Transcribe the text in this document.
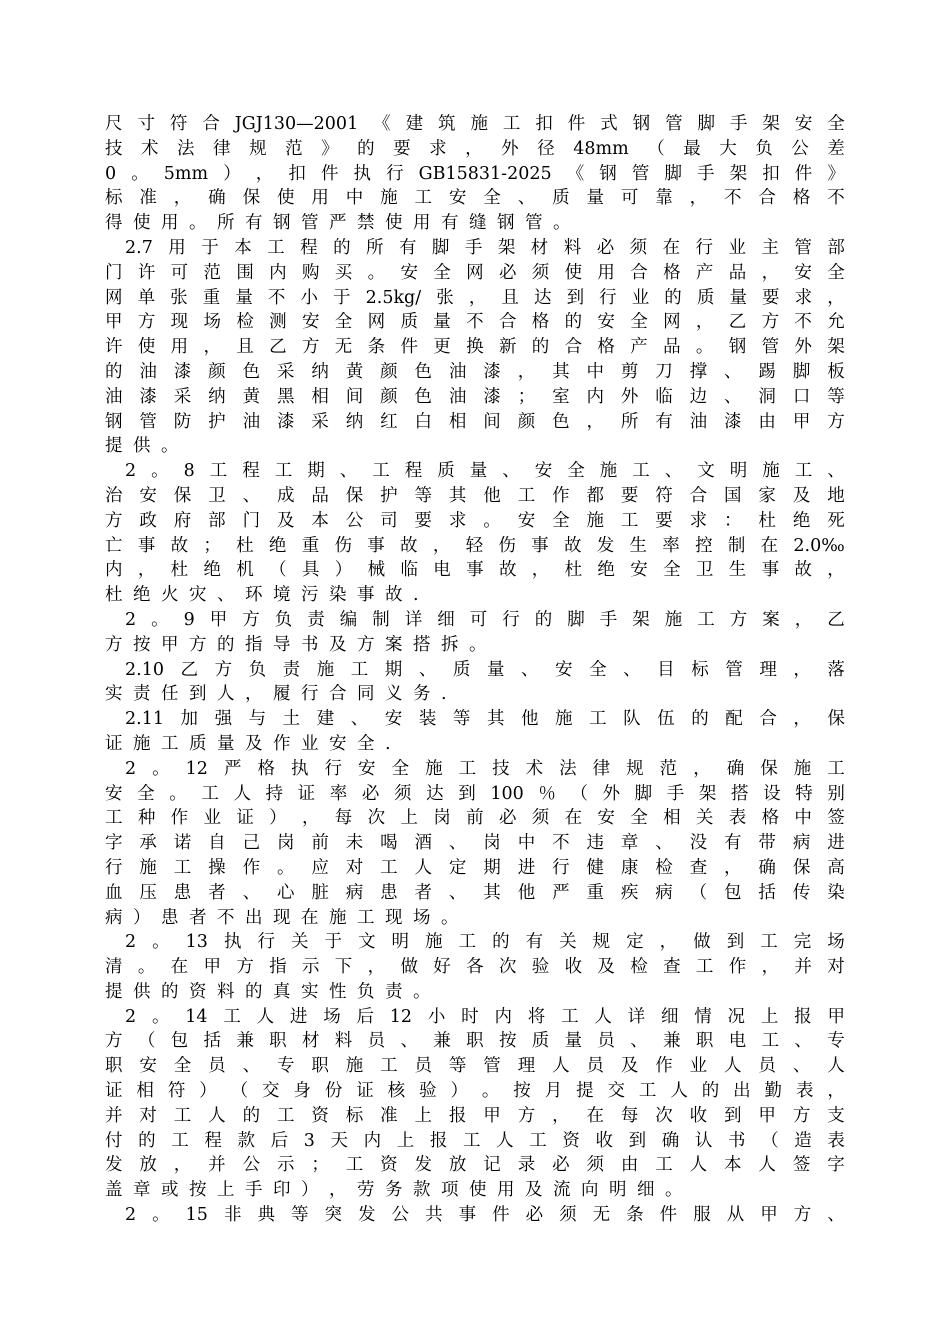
尺 寸 符 合 JGJ130—2001 《 建 筑 施 工 扣 件 式 钢 管 脚 手 架 安 全
技 术 法 律 规 范 》 的 要 求 ， 外 径 48mm （ 最 大 负 公 差
0 。 5mm ） ， 扣 件 执 行 GB15831-2025 《 钢 管 脚 手 架 扣 件 》
标 准 ， 确 保 使 用 中 施 工 安 全 、 质 量 可 靠 ， 不 合 格 不
得 使 用 。 所 有 钢 管 严 禁 使 用 有 缝 钢 管 。
2.7 用 于 本 工 程 的 所 有 脚 手 架 材 料 必 须 在 行 业 主 管 部
门 许 可 范 围 内 购 买 。 安 全 网 必 须 使 用 合 格 产 品 ， 安 全
网 单 张 重 量 不 小 于 2.5kg/ 张 ， 且 达 到 行 业 的 质 量 要 求 ，
甲 方 现 场 检 测 安 全 网 质 量 不 合 格 的 安 全 网 ， 乙 方 不 允
许 使 用 ， 且 乙 方 无 条 件 更 换 新 的 合 格 产 品 。 钢 管 外 架
的 油 漆 颜 色 采 纳 黄 颜 色 油 漆 ， 其 中 剪 刀 撑 、 踢 脚 板
油 漆 采 纳 黄 黑 相 间 颜 色 油 漆 ； 室 内 外 临 边 、 洞 口 等
钢 管 防 护 油 漆 采 纳 红 白 相 间 颜 色 ， 所 有 油 漆 由 甲 方
提 供 。
2 。 8 工 程 工 期 、 工 程 质 量 、 安 全 施 工 、 文 明 施 工 、
治 安 保 卫 、 成 品 保 护 等 其 他 工 作 都 要 符 合 国 家 及 地
方 政 府 部 门 及 本 公 司 要 求 。 安 全 施 工 要 求 ： 杜 绝 死
亡 事 故 ； 杜 绝 重 伤 事 故 ， 轻 伤 事 故 发 生 率 控 制 在 2.0‰
内 ， 杜 绝 机 （ 具 ） 械 临 电 事 故 ， 杜 绝 安 全 卫 生 事 故 ，
杜 绝 火 灾 、 环 境 污 染 事 故 .
2 。 9 甲 方 负 责 编 制 详 细 可 行 的 脚 手 架 施 工 方 案 ， 乙
方 按 甲 方 的 指 导 书 及 方 案 搭 拆 。
2.10 乙 方 负 责 施 工 期 、 质 量 、 安 全 、 目 标 管 理 ， 落
实 责 任 到 人 ， 履 行 合 同 义 务 .
2.11 加 强 与 土 建 、 安 装 等 其 他 施 工 队 伍 的 配 合 ， 保
证 施 工 质 量 及 作 业 安 全 .
2 。 12 严 格 执 行 安 全 施 工 技 术 法 律 规 范 ， 确 保 施 工
安 全 。 工 人 持 证 率 必 须 达 到 100 ％ （ 外 脚 手 架 搭 设 特 别
工 种 作 业 证 ） ， 每 次 上 岗 前 必 须 在 安 全 相 关 表 格 中 签
字 承 诺 自 己 岗 前 未 喝 酒 、 岗 中 不 违 章 、 没 有 带 病 进
行 施 工 操 作 。 应 对 工 人 定 期 进 行 健 康 检 查 ， 确 保 高
血 压 患 者 、 心 脏 病 患 者 、 其 他 严 重 疾 病 （ 包 括 传 染
病 ） 患 者 不 出 现 在 施 工 现 场 。
2 。 13 执 行 关 于 文 明 施 工 的 有 关 规 定 ， 做 到 工 完 场
清 。 在 甲 方 指 示 下 ， 做 好 各 次 验 收 及 检 查 工 作 ， 并 对
提 供 的 资 料 的 真 实 性 负 责 。
2 。 14 工 人 进 场 后 12 小 时 内 将 工 人 详 细 情 况 上 报 甲
方 （ 包 括 兼 职 材 料 员 、 兼 职 按 质 量 员 、 兼 职 电 工 、 专
职 安 全 员 、 专 职 施 工 员 等 管 理 人 员 及 作 业 人 员 、 人
证 相 符 ） （ 交 身 份 证 核 验 ） 。 按 月 提 交 工 人 的 出 勤 表 ，
并 对 工 人 的 工 资 标 准 上 报 甲 方 ， 在 每 次 收 到 甲 方 支
付 的 工 程 款 后 3 天 内 上 报 工 人 工 资 收 到 确 认 书 （ 造 表
发 放 ， 并 公 示 ； 工 资 发 放 记 录 必 须 由 工 人 本 人 签 字
盖 章 或 按 上 手 印 ） ， 劳 务 款 项 使 用 及 流 向 明 细 。
2 。 15 非 典 等 突 发 公 共 事 件 必 须 无 条 件 服 从 甲 方 、
